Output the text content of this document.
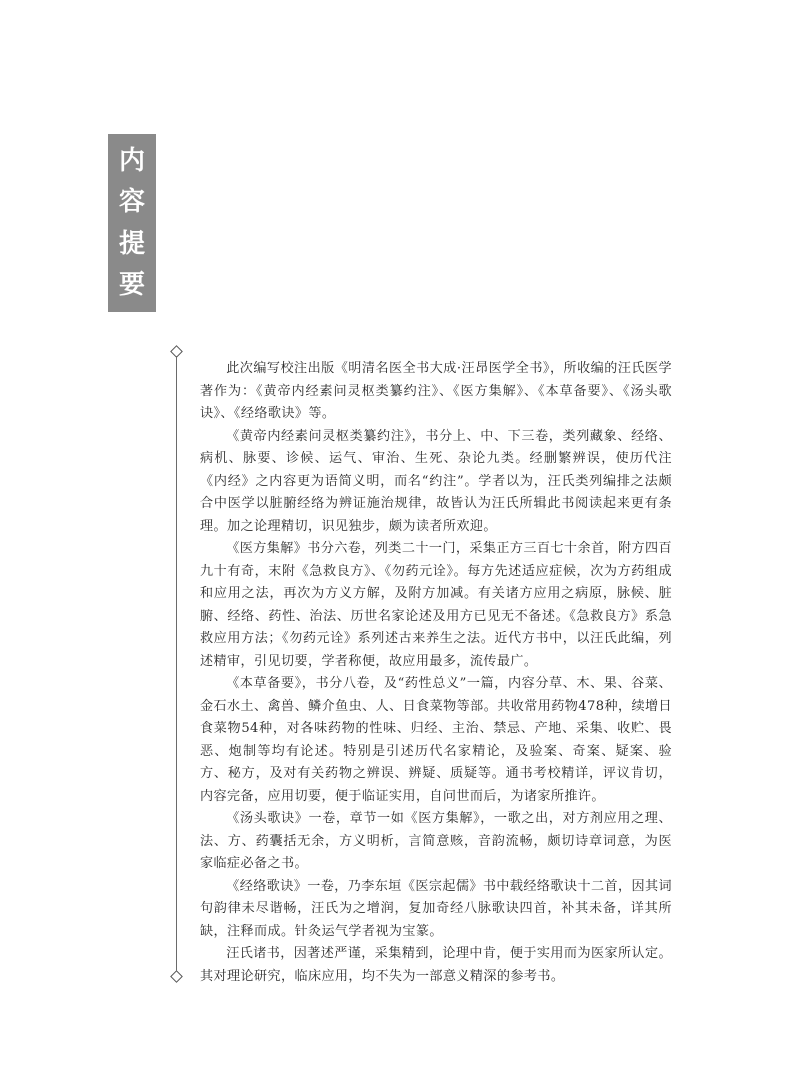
内
容
提
要

此次编写校注出版《明清名医全书大成·汪昂医学全书》，所收编的汪氏医学著作为：《黄帝内经素问灵枢类纂约注》、《医方集解》、《本草备要》、《汤头歌诀》、《经络歌诀》等。

《黄帝内经素问灵枢类纂约注》，书分上、中、下三卷，类列藏象、经络、病机、脉要、诊候、运气、审治、生死、杂论九类。经删繁辨误，使历代注《内经》之内容更为语简义明，而名“约注”。学者以为，汪氏类列编排之法颇合中医学以脏腑经络为辨证施治规律，故皆认为汪氏所辑此书阅读起来更有条理。加之论理精切，识见独步，颇为读者所欢迎。

《医方集解》书分六卷，列类二十一门，采集正方三百七十余首，附方四百九十有奇，末附《急救良方》、《勿药元诠》。每方先述适应症候，次为方药组成和应用之法，再次为方义方解，及附方加减。有关诸方应用之病原，脉候、脏腑、经络、药性、治法、历世名家论述及用方已见无不备述。《急救良方》系急救应用方法；《勿药元诠》系列述古来养生之法。近代方书中，以汪氏此编，列述精审，引见切要，学者称便，故应用最多，流传最广。

《本草备要》，书分八卷，及“药性总义”一篇，内容分草、木、果、谷菜、金石水土、禽兽、鳞介鱼虫、人、日食菜物等部。共收常用药物478种，续增日食菜物54种，对各味药物的性味、归经、主治、禁忌、产地、采集、收贮、畏恶、炮制等均有论述。特别是引述历代名家精论，及验案、奇案、疑案、验方、秘方，及对有关药物之辨误、辨疑、质疑等。通书考校精详，评议肯切，内容完备，应用切要，便于临证实用，自问世而后，为诸家所推许。

《汤头歌诀》一卷，章节一如《医方集解》，一歌之出，对方剂应用之理、法、方、药囊括无余，方义明析，言简意赅，音韵流畅，颇切诗章词意，为医家临症必备之书。

《经络歌诀》一卷，乃李东垣《医宗起儒》书中载经络歌诀十二首，因其词句韵律未尽谐畅，汪氏为之增润，复加奇经八脉歌诀四首，补其未备，详其所缺，注释而成。针灸运气学者视为宝篆。

汪氏诸书，因著述严谨，采集精到，论理中肯，便于实用而为医家所认定。其对理论研究，临床应用，均不失为一部意义精深的参考书。
